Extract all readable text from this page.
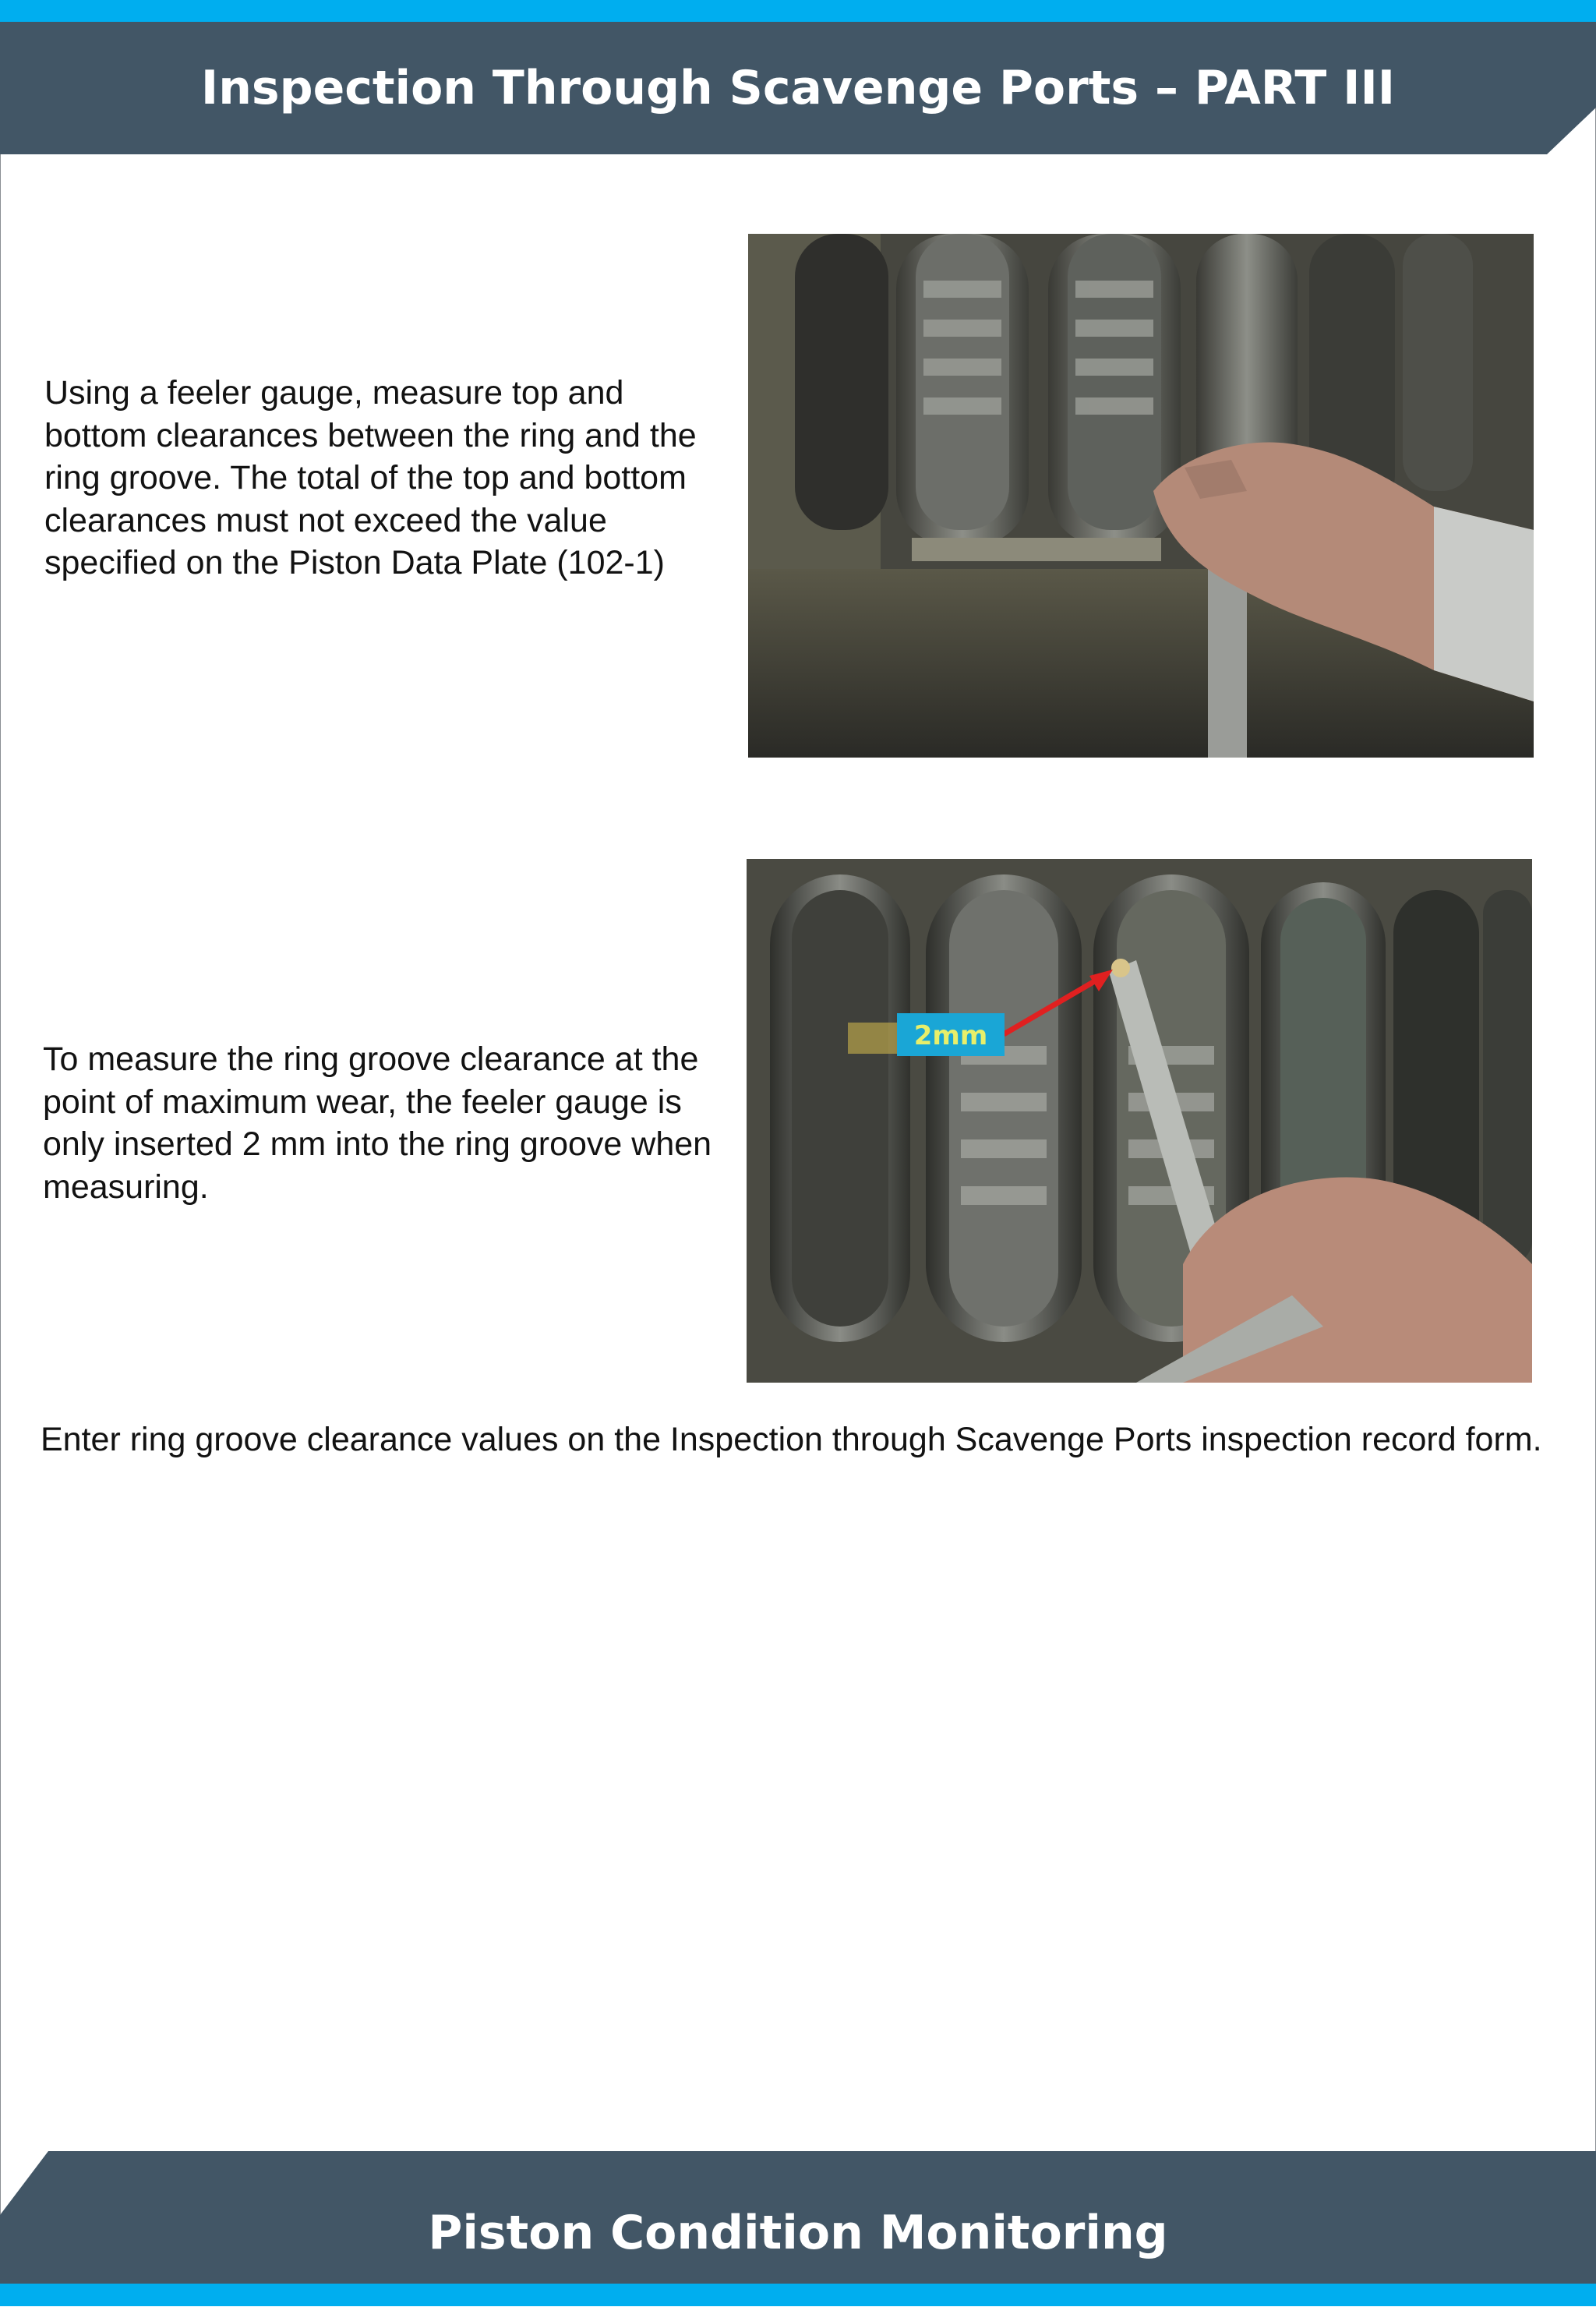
Inspection Through Scavenge Ports – PART III

Using a feeler gauge, measure top and bottom clearances between the ring and the ring groove. The total of the top and bottom clearances must not exceed the value specified on the Piston Data Plate (102-1)

To measure the ring groove clearance at the point of maximum wear, the feeler gauge is only inserted 2 mm into the ring groove when measuring.

2mm

Enter ring groove clearance values on the Inspection through Scavenge Ports inspection record form.

Piston Condition Monitoring
